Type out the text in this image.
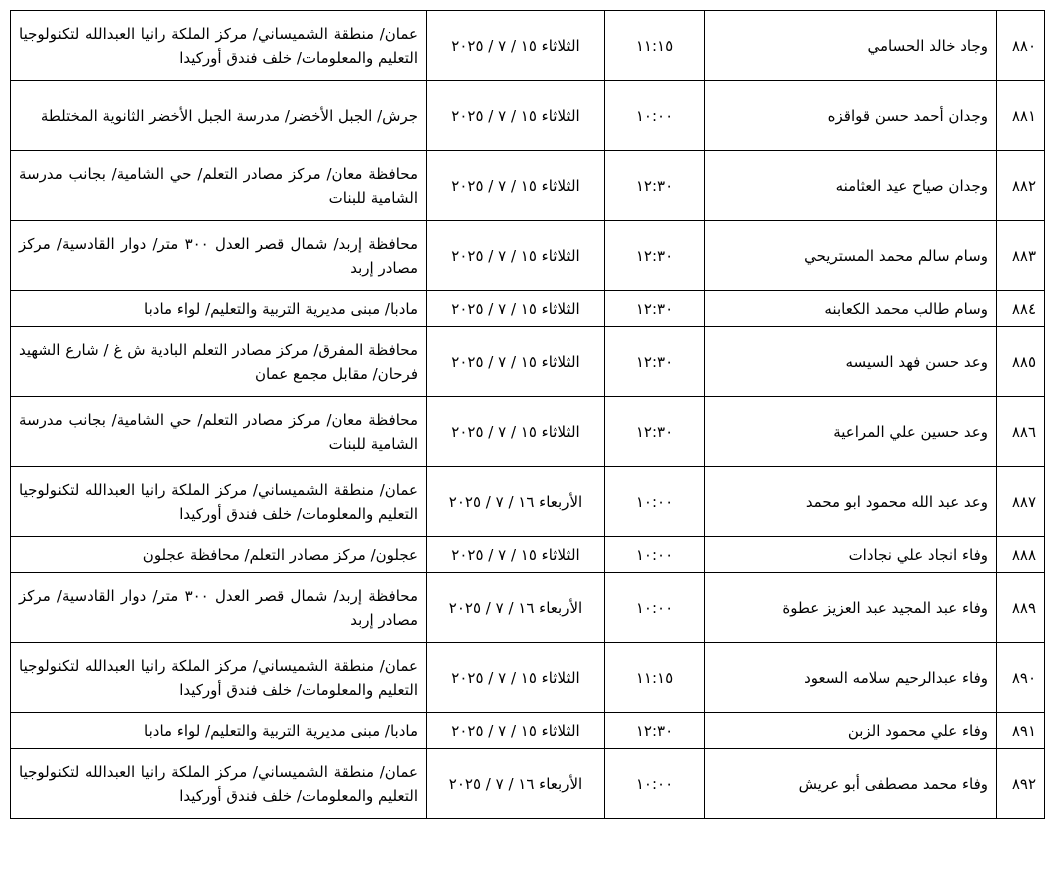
٨٨٠	وجاد خالد الحسامي	١١:١٥	الثلاثاء ١٥ / ٧ / ٢٠٢٥	عمان/ منطقة الشميساني/ مركز الملكة رانيا العبدالله لتكنولوجيا التعليم والمعلومات/ خلف فندق أوركيدا
٨٨١	وجدان أحمد حسن قواقزه	١٠:٠٠	الثلاثاء ١٥ / ٧ / ٢٠٢٥	جرش/ الجبل الأخضر/ مدرسة الجبل الأخضر الثانوية المختلطة
٨٨٢	وجدان صياح عيد العثامنه	١٢:٣٠	الثلاثاء ١٥ / ٧ / ٢٠٢٥	محافظة معان/ مركز مصادر التعلم/ حي الشامية/ بجانب مدرسة الشامية للبنات
٨٨٣	وسام سالم محمد المستريحي	١٢:٣٠	الثلاثاء ١٥ / ٧ / ٢٠٢٥	محافظة إربد/ شمال قصر العدل ٣٠٠ متر/ دوار القادسية/ مركز مصادر إربد
٨٨٤	وسام طالب محمد الكعابنه	١٢:٣٠	الثلاثاء ١٥ / ٧ / ٢٠٢٥	مادبا/ مبنى مديرية التربية والتعليم/ لواء مادبا
٨٨٥	وعد حسن فهد السيسه	١٢:٣٠	الثلاثاء ١٥ / ٧ / ٢٠٢٥	محافظة المفرق/ مركز مصادر التعلم البادية ش غ / شارع الشهيد فرحان/ مقابل مجمع عمان
٨٨٦	وعد حسين علي المراعية	١٢:٣٠	الثلاثاء ١٥ / ٧ / ٢٠٢٥	محافظة معان/ مركز مصادر التعلم/ حي الشامية/ بجانب مدرسة الشامية للبنات
٨٨٧	وعد عبد الله محمود ابو محمد	١٠:٠٠	الأربعاء ١٦ / ٧ / ٢٠٢٥	عمان/ منطقة الشميساني/ مركز الملكة رانيا العبدالله لتكنولوجيا التعليم والمعلومات/ خلف فندق أوركيدا
٨٨٨	وفاء انجاد علي نجادات	١٠:٠٠	الثلاثاء ١٥ / ٧ / ٢٠٢٥	عجلون/ مركز مصادر التعلم/ محافظة عجلون
٨٨٩	وفاء عبد المجيد عبد العزيز عطوة	١٠:٠٠	الأربعاء ١٦ / ٧ / ٢٠٢٥	محافظة إربد/ شمال قصر العدل ٣٠٠ متر/ دوار القادسية/ مركز مصادر إربد
٨٩٠	وفاء عبدالرحيم سلامه السعود	١١:١٥	الثلاثاء ١٥ / ٧ / ٢٠٢٥	عمان/ منطقة الشميساني/ مركز الملكة رانيا العبدالله لتكنولوجيا التعليم والمعلومات/ خلف فندق أوركيدا
٨٩١	وفاء علي محمود الزبن	١٢:٣٠	الثلاثاء ١٥ / ٧ / ٢٠٢٥	مادبا/ مبنى مديرية التربية والتعليم/ لواء مادبا
٨٩٢	وفاء محمد مصطفى أبو عريش	١٠:٠٠	الأربعاء ١٦ / ٧ / ٢٠٢٥	عمان/ منطقة الشميساني/ مركز الملكة رانيا العبدالله لتكنولوجيا التعليم والمعلومات/ خلف فندق أوركيدا
